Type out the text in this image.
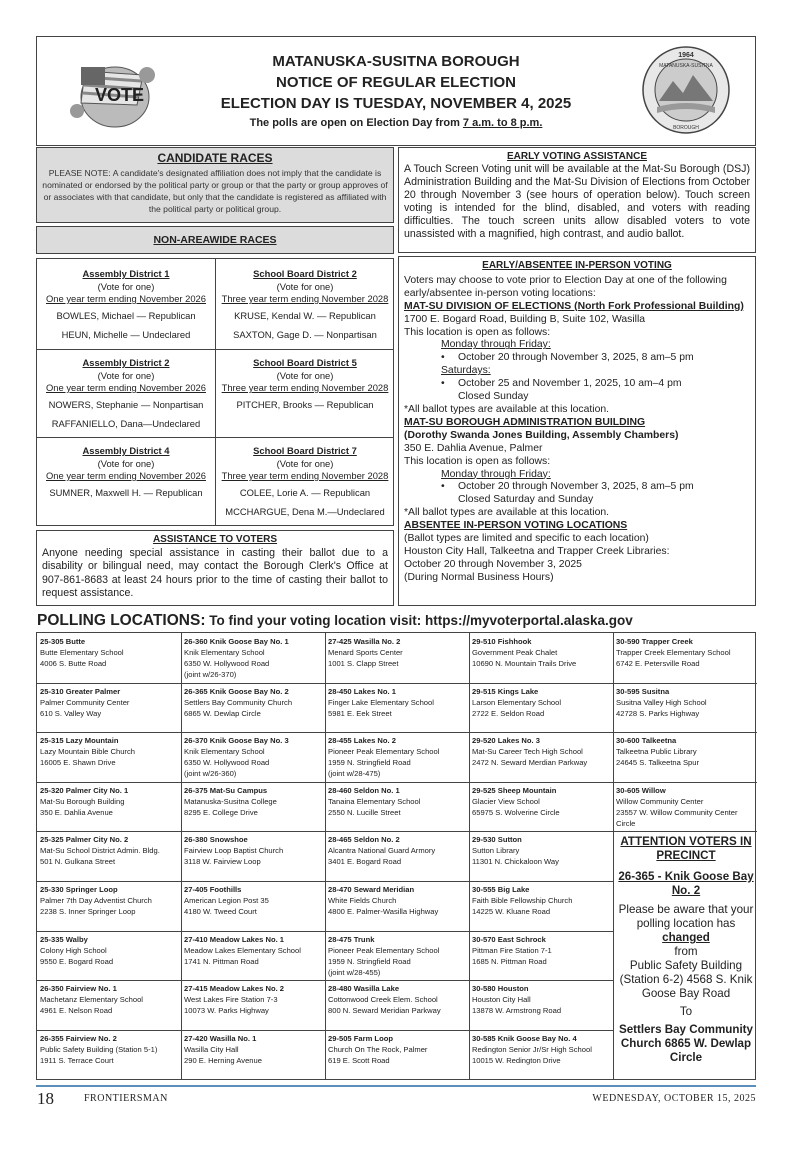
VOTE
MATANUSKA-SUSITNA BOROUGH
NOTICE OF REGULAR ELECTION
ELECTION DAY IS TUESDAY, NOVEMBER 4, 2025
The polls are open on Election Day from 7 a.m. to 8 p.m.
1964
MATANUSKA-SUSITNA
BOROUGH
CANDIDATE RACES

PLEASE NOTE: A candidate's designated affiliation does not imply that the candidate is nominated or endorsed by the political party or group or that the party or group approves of or associates with that candidate, but only that the candidate is registered as affiliated with the political party or political group.

NON-AREAWIDE RACES
Assembly District 1
(Vote for one)
One year term ending November 2026
BOWLES, Michael — Republican
HEUN, Michelle — Undeclared
School Board District 2
(Vote for one)
Three year term ending November 2028
KRUSE, Kendal W. — Republican
SAXTON, Gage D. — Nonpartisan
Assembly District 2
(Vote for one)
One year term ending November 2026
NOWERS, Stephanie — Nonpartisan
RAFFANIELLO, Dana—Undeclared
School Board District 5
(Vote for one)
Three year term ending November 2028
PITCHER, Brooks — Republican
Assembly District 4
(Vote for one)
One year term ending November 2026
SUMNER, Maxwell H. — Republican
School Board District 7
(Vote for one)
Three year term ending November 2028
COLEE, Lorie A. — Republican
MCCHARGUE, Dena M.—Undeclared
ASSISTANCE TO VOTERS

Anyone needing special assistance in casting their ballot due to a disability or bilingual need, may contact the Borough Clerk's Office at 907-861-8683 at least 24 hours prior to the time of casting their ballot to request assistance.

EARLY VOTING ASSISTANCE

A Touch Screen Voting unit will be available at the Mat-Su Borough (DSJ) Administration Building and the Mat-Su Division of Elections from October 20 through November 3 (see hours of operation below). Touch screen voting is intended for the blind, disabled, and voters with reading difficulties. The touch screen units allow disabled voters to vote unassisted with a magnified, high contrast, and audio ballot.

EARLY/ABSENTEE IN-PERSON VOTING
Voters may choose to vote prior to Election Day at one of the following early/absentee in-person voting locations:
MAT-SU DIVISION OF ELECTIONS (North Fork Professional Building)
1700 E. Bogard Road, Building B, Suite 102, Wasilla
This location is open as follows:
Monday through Friday:
• October 20 through November 3, 2025, 8 am–5 pm
Saturdays:
• October 25 and November 1, 2025, 10 am–4 pm
Closed Sunday
*All ballot types are available at this location.
MAT-SU BOROUGH ADMINISTRATION BUILDING
(Dorothy Swanda Jones Building, Assembly Chambers)
350 E. Dahlia Avenue, Palmer
This location is open as follows:
Monday through Friday:
• October 20 through November 3, 2025, 8 am–5 pm
Closed Saturday and Sunday
*All ballot types are available at this location.
ABSENTEE IN-PERSON VOTING LOCATIONS
(Ballot types are limited and specific to each location)
Houston City Hall, Talkeetna and Trapper Creek Libraries:
October 20 through November 3, 2025
(During Normal Business Hours)
POLLING LOCATIONS: To find your voting location visit: https://myvoterportal.alaska.gov
25-305 Butte
Butte Elementary School
4006 S. Butte Road
25-310 Greater Palmer
Palmer Community Center
610 S. Valley Way
25-315 Lazy Mountain
Lazy Mountain Bible Church
16005 E. Shawn Drive
25-320 Palmer City No. 1
Mat-Su Borough Building
350 E. Dahlia Avenue
25-325 Palmer City No. 2
Mat-Su School District Admin. Bldg.
501 N. Gulkana Street
25-330 Springer Loop
Palmer 7th Day Adventist Church
2238 S. Inner Springer Loop
25-335 Walby
Colony High School
9550 E. Bogard Road
26-350 Fairview No. 1
Machetanz Elementary School
4961 E. Nelson Road
26-355 Fairview No. 2
Public Safety Building (Station 5-1)
1911 S. Terrace Court
26-360 Knik Goose Bay No. 1
Knik Elementary School
6350 W. Hollywood Road
(joint w/26-370)
26-365 Knik Goose Bay No. 2
Settlers Bay Community Church
6865 W. Dewlap Circle
26-370 Knik Goose Bay No. 3
Knik Elementary School
6350 W. Hollywood Road
(joint w/26-360)
26-375 Mat-Su Campus
Matanuska-Susitna College
8295 E. College Drive
26-380 Snowshoe
Fairview Loop Baptist Church
3118 W. Fairview Loop
27-405 Foothills
American Legion Post 35
4180 W. Tweed Court
27-410 Meadow Lakes No. 1
Meadow Lakes Elementary School
1741 N. Pittman Road
27-415 Meadow Lakes No. 2
West Lakes Fire Station 7-3
10073 W. Parks Highway
27-420 Wasilla No. 1
Wasilla City Hall
290 E. Herning Avenue
27-425 Wasilla No. 2
Menard Sports Center
1001 S. Clapp Street
28-450 Lakes No. 1
Finger Lake Elementary School
5981 E. Eek Street
28-455 Lakes No. 2
Pioneer Peak Elementary School
1959 N. Stringfield Road
(joint w/28-475)
28-460 Seldon No. 1
Tanaina Elementary School
2550 N. Lucille Street
28-465 Seldon No. 2
Alcantra National Guard Armory
3401 E. Bogard Road
28-470 Seward Meridian
White Fields Church
4800 E. Palmer-Wasilla Highway
28-475 Trunk
Pioneer Peak Elementary School
1959 N. Stringfield Road
(joint w/28-455)
28-480 Wasilla Lake
Cottonwood Creek Elem. School
800 N. Seward Meridian Parkway
29-505 Farm Loop
Church On The Rock, Palmer
619 E. Scott Road
29-510 Fishhook
Government Peak Chalet
10690 N. Mountain Trails Drive
29-515 Kings Lake
Larson Elementary School
2722 E. Seldon Road
29-520 Lakes No. 3
Mat-Su Career Tech High School
2472 N. Seward Merdian Parkway
29-525 Sheep Mountain
Glacier View School
65975 S. Wolverine Circle
29-530 Sutton
Sutton Library
11301 N. Chickaloon Way
30-555 Big Lake
Faith Bible Fellowship Church
14225 W. Kluane Road
30-570 East Schrock
Pittman Fire Station 7-1
1685 N. Pittman Road
30-580 Houston
Houston City Hall
13878 W. Armstrong Road
30-585 Knik Goose Bay No. 4
Redington Senior Jr/Sr High School
10015 W. Redington Drive
30-590 Trapper Creek
Trapper Creek Elementary School
6742 E. Petersville Road
30-595 Susitna
Susitna Valley High School
42728 S. Parks Highway
30-600 Talkeetna
Talkeetna Public Library
24645 S. Talkeetna Spur
30-605 Willow
Willow Community Center
23557 W. Willow Community Center
Circle
ATTENTION VOTERS IN PRECINCT
26-365 - Knik Goose Bay No. 2
Please be aware that your polling location has changed
from
Public Safety Building (Station 6-2) 4568 S. Knik Goose Bay Road
To
Settlers Bay Community Church 6865 W. Dewlap Circle
18	FRONTIERSMAN	WEDNESDAY, OCTOBER 15, 2025
